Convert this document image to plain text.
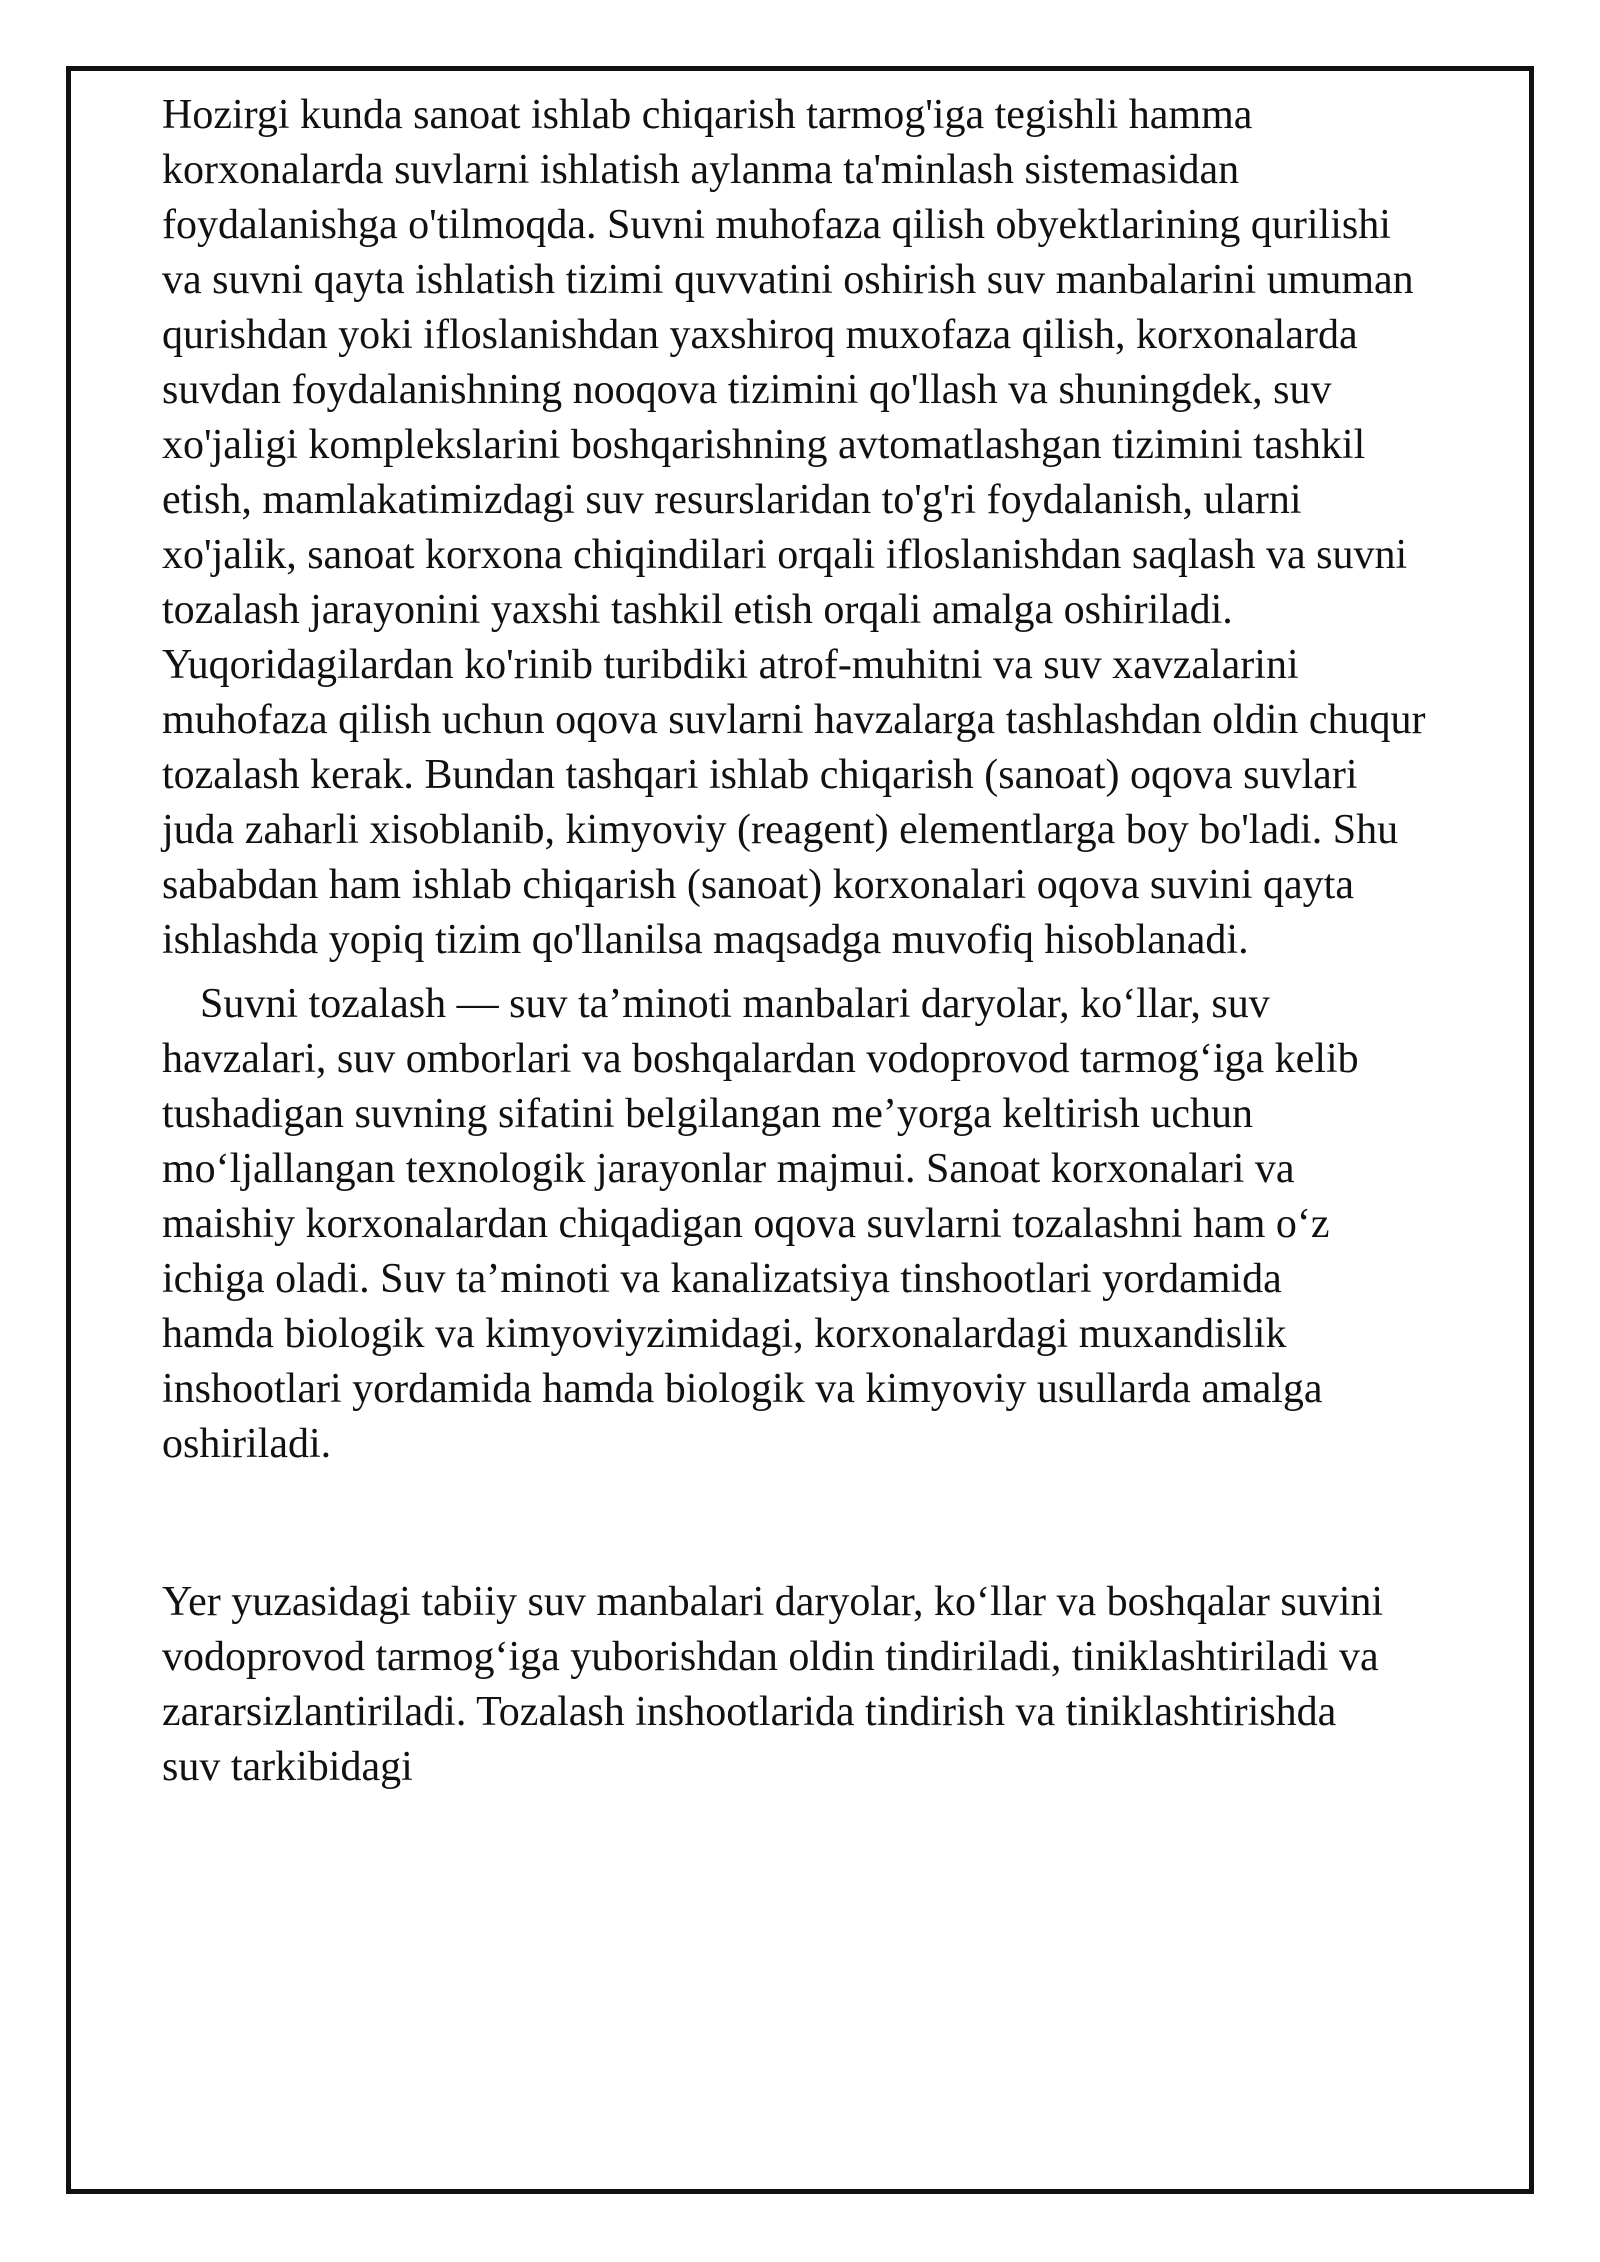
Hozirgi kunda sanoat ishlab chiqarish tarmog'iga tegishli hamma korxonalarda suvlarni ishlatish aylanma ta'minlash sistemasidan foydalanishga o'tilmoqda. Suvni muhofaza qilish obyektlarining qurilishi va suvni qayta ishlatish tizimi quvvatini oshirish suv manbalarini umuman qurishdan yoki ifloslanishdan yaxshiroq muxofaza qilish, korxonalarda suvdan foydalanishning nooqova tizimini qo'llash va shuningdek, suv xo'jaligi komplekslarini boshqarishning avtomatlashgan tizimini tashkil etish, mamlakatimizdagi suv resurslaridan to'g'ri foydalanish, ularni xo'jalik, sanoat korxona chiqindilari orqali ifloslanishdan saqlash va suvni tozalash jarayonini yaxshi tashkil etish orqali amalga oshiriladi. Yuqoridagilardan ko'rinib turibdiki atrof-muhitni va suv xavzalarini muhofaza qilish uchun oqova suvlarni havzalarga tashlashdan oldin chuqur tozalash kerak. Bundan tashqari ishlab chiqarish (sanoat) oqova suvlari juda zaharli xisoblanib, kimyoviy (reagent) elementlarga boy bo'ladi. Shu sababdan ham ishlab chiqarish (sanoat) korxonalari oqova suvini qayta ishlashda yopiq tizim qo'llanilsa maqsadga muvofiq hisoblanadi.

Suvni tozalash — suv ta’minoti manbalari daryolar, koʻllar, suv havzalari, suv omborlari va boshqalardan vodoprovod tarmogʻiga kelib tushadigan suvning sifatini belgilangan me’yorga keltirish uchun moʻljallangan texnologik jarayonlar majmui. Sanoat korxonalari va maishiy korxonalardan chiqadigan oqova suvlarni tozalashni ham oʻz ichiga oladi. Suv ta’minoti va kanalizatsiya tinshootlari yordamida hamda biologik va kimyoviyzimidagi, korxonalardagi muxandislik inshootlari yordamida hamda biologik va kimyoviy usullarda amalga oshiriladi.

Yer yuzasidagi tabiiy suv manbalari daryolar, koʻllar va boshqalar suvini vodoprovod tarmogʻiga yuborishdan oldin tindiriladi, tiniklashtiriladi va zararsizlantiriladi. Tozalash inshootlarida tindirish va tiniklashtirishda suv tarkibidagi
